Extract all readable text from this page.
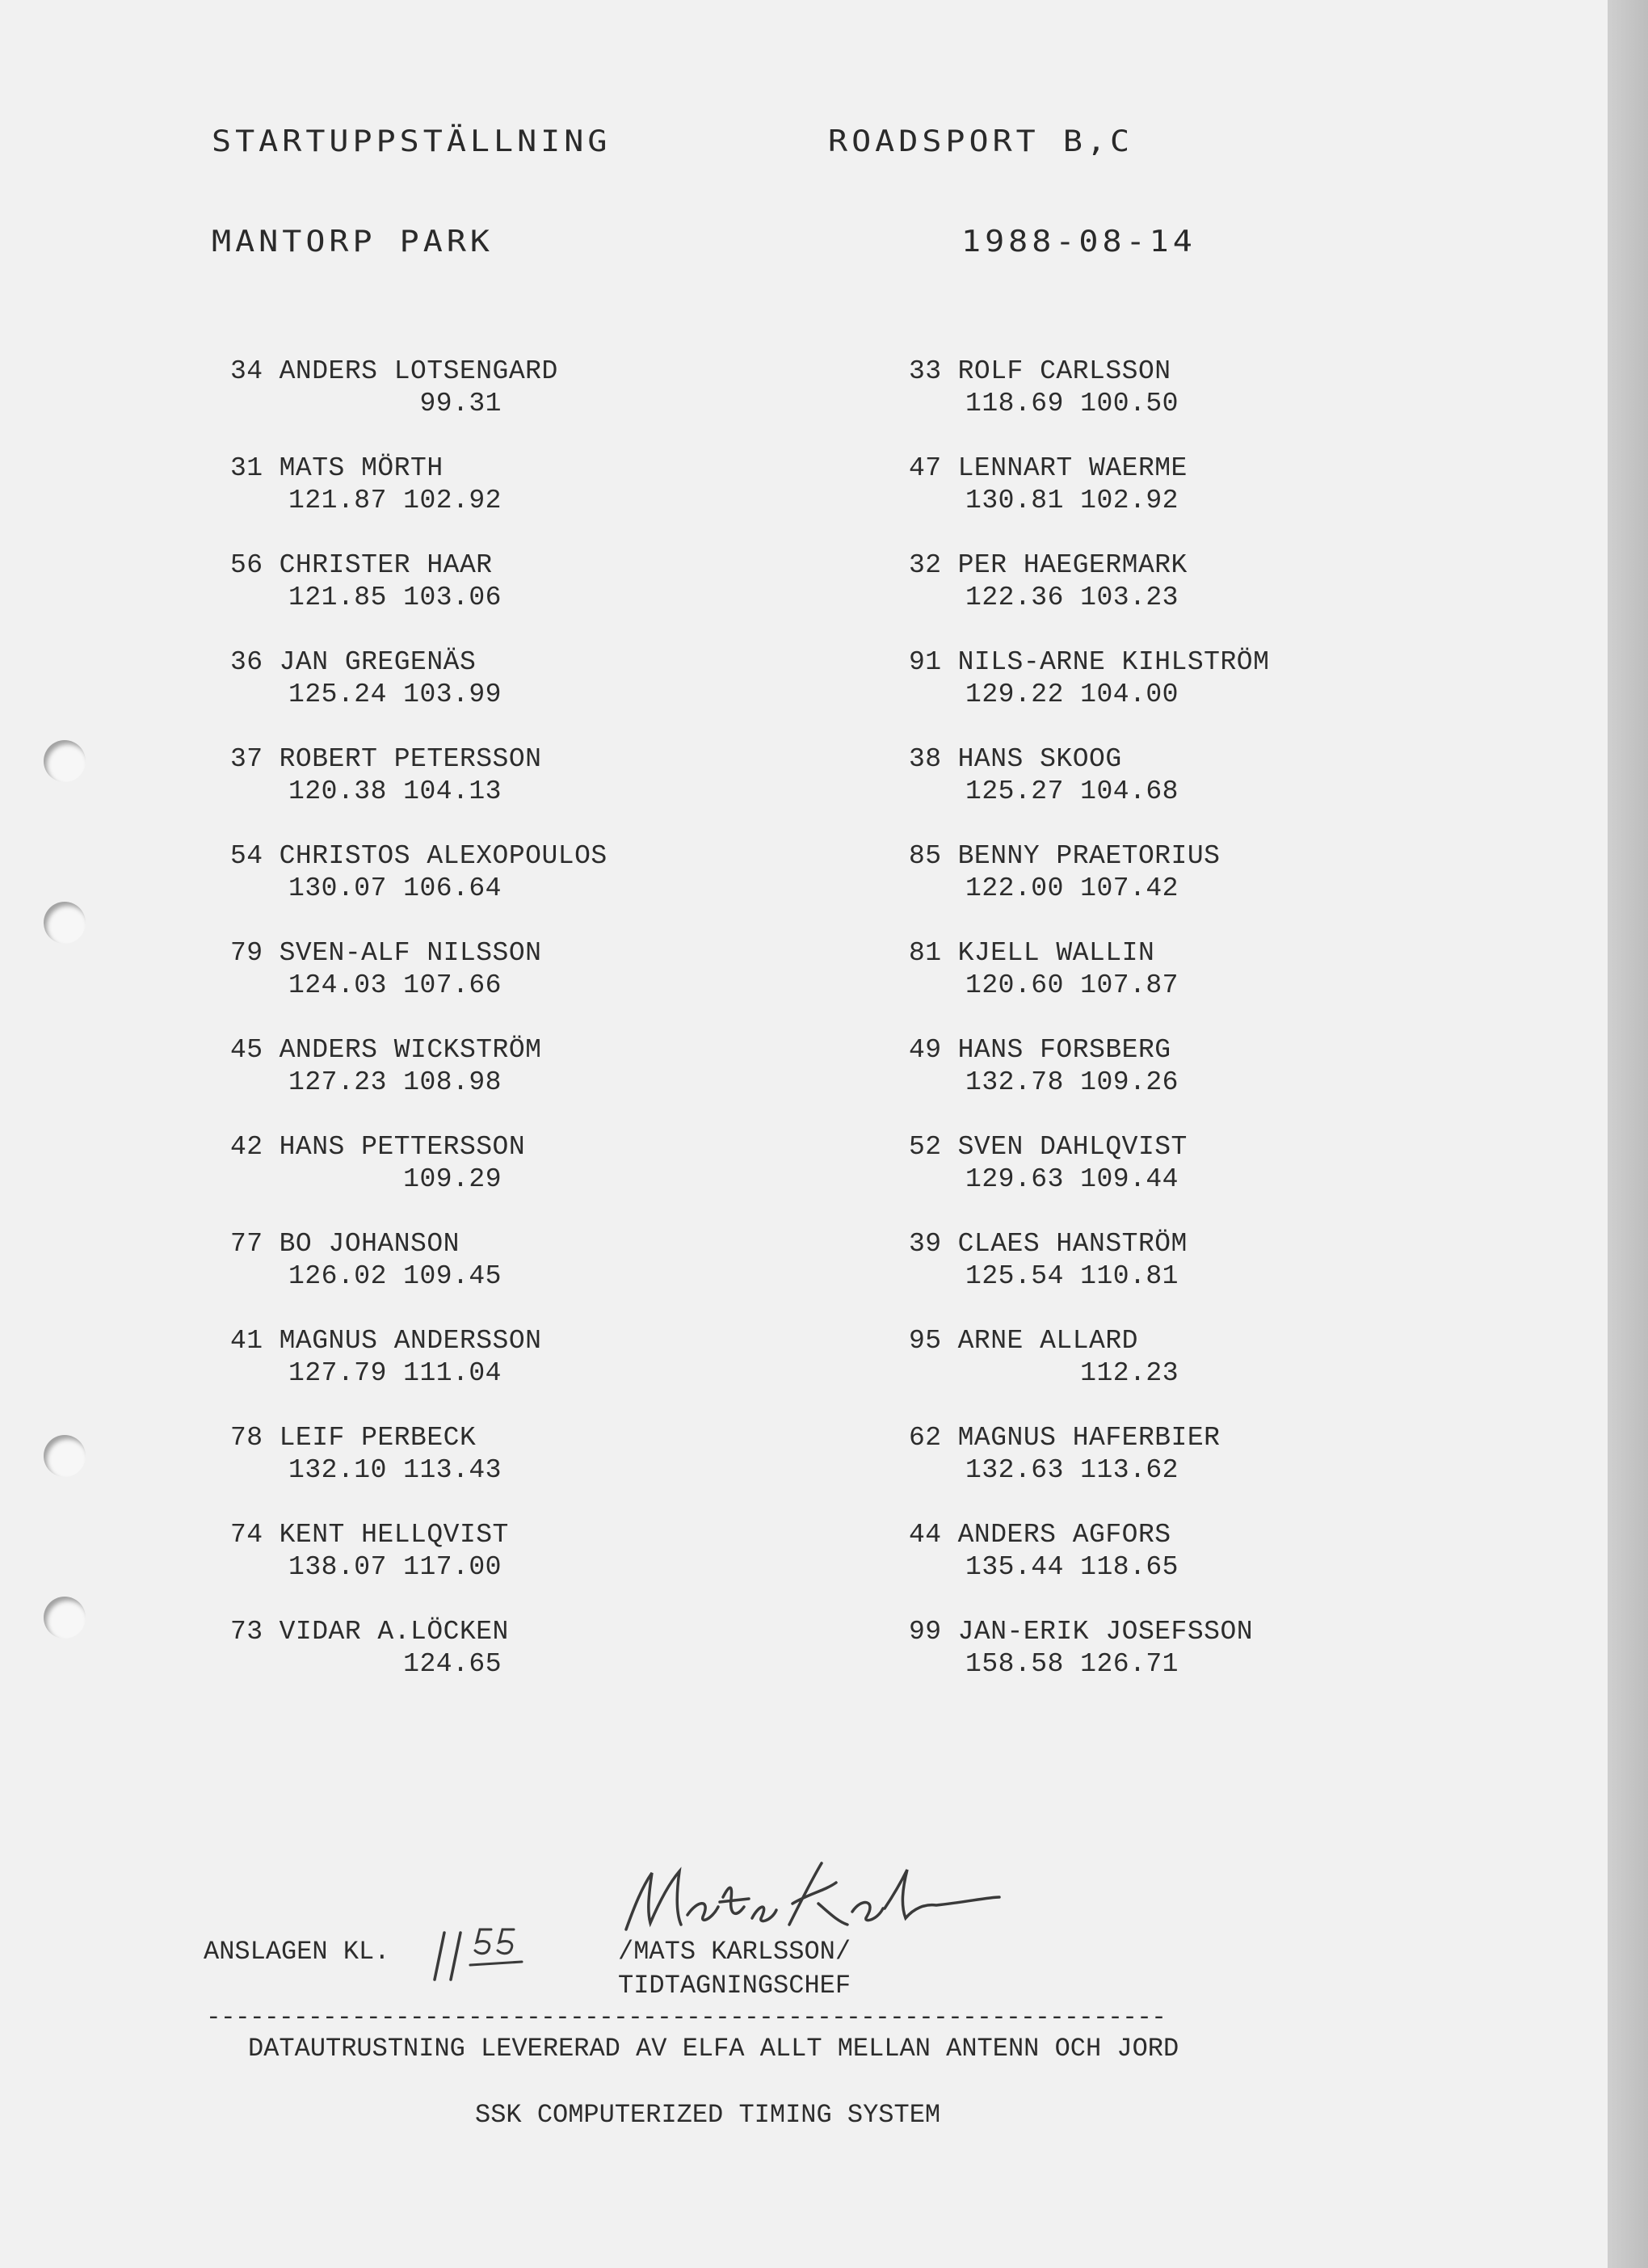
STARTUPPSTÄLLNING	ROADSPORT B,C
MANTORP PARK	1988-08-14
34 ANDERS LOTSENGARD
99.31
31 MATS MÖRTH
121.87 102.92
56 CHRISTER HAAR
121.85 103.06
36 JAN GREGENÄS
125.24 103.99
37 ROBERT PETERSSON
120.38 104.13
54 CHRISTOS ALEXOPOULOS
130.07 106.64
79 SVEN-ALF NILSSON
124.03 107.66
45 ANDERS WICKSTRÖM
127.23 108.98
42 HANS PETTERSSON
109.29
77 BO JOHANSON
126.02 109.45
41 MAGNUS ANDERSSON
127.79 111.04
78 LEIF PERBECK
132.10 113.43
74 KENT HELLQVIST
138.07 117.00
73 VIDAR A.LÖCKEN
124.65
33 ROLF CARLSSON
118.69 100.50
47 LENNART WAERME
130.81 102.92
32 PER HAEGERMARK
122.36 103.23
91 NILS-ARNE KIHLSTRÖM
129.22 104.00
38 HANS SKOOG
125.27 104.68
85 BENNY PRAETORIUS
122.00 107.42
81 KJELL WALLIN
120.60 107.87
49 HANS FORSBERG
132.78 109.26
52 SVEN DAHLQVIST
129.63 109.44
39 CLAES HANSTRÖM
125.54 110.81
95 ARNE ALLARD
112.23
62 MAGNUS HAFERBIER
132.63 113.62
44 ANDERS AGFORS
135.44 118.65
99 JAN-ERIK JOSEFSSON
158.58 126.71
ANSLAGEN KL.	/MATS KARLSSON/
TIDTAGNINGSCHEF
------------------------------------------------------------------
DATAUTRUSTNING LEVERERAD AV ELFA ALLT MELLAN ANTENN OCH JORD
SSK COMPUTERIZED TIMING SYSTEM
